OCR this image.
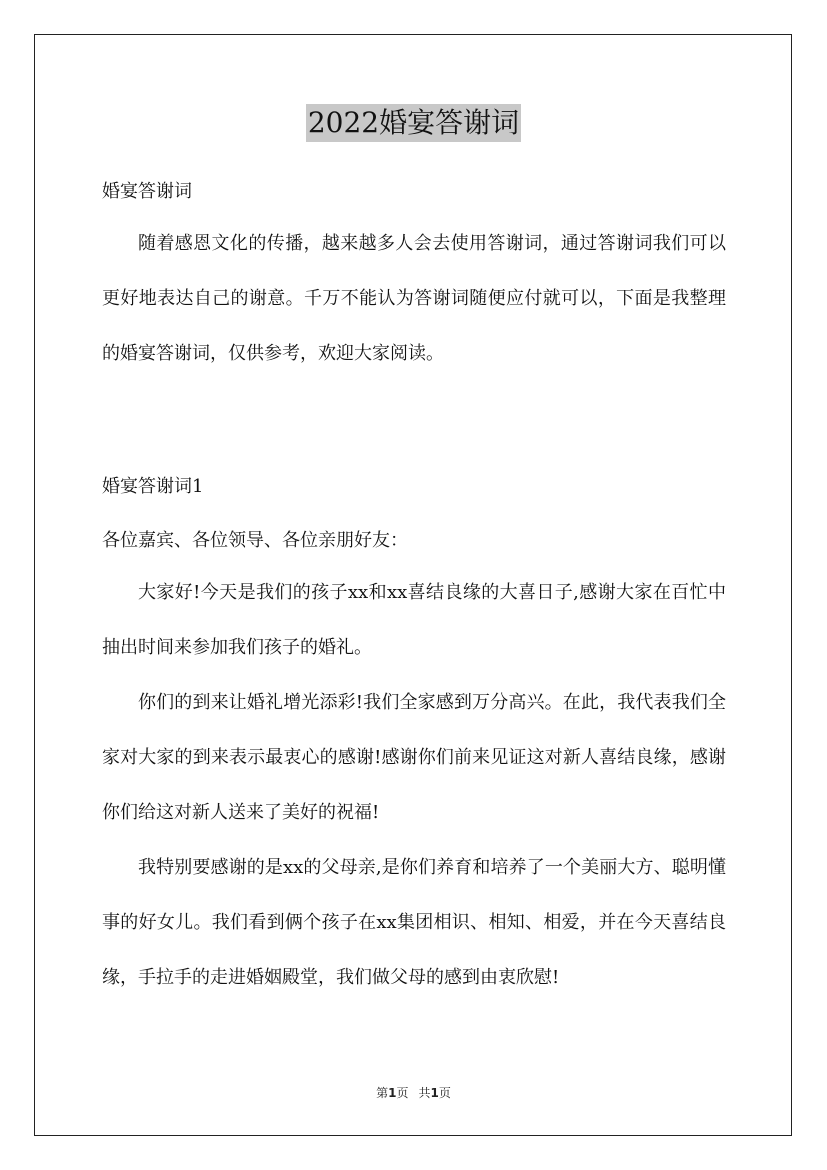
2022婚宴答谢词

婚宴答谢词

随着感恩文化的传播，越来越多人会去使用答谢词，通过答谢词我们可以更好地表达自己的谢意。千万不能认为答谢词随便应付就可以，下面是我整理的婚宴答谢词，仅供参考，欢迎大家阅读。

婚宴答谢词1

各位嘉宾、各位领导、各位亲朋好友：

大家好!今天是我们的孩子xx和xx喜结良缘的大喜日子,感谢大家在百忙中抽出时间来参加我们孩子的婚礼。

你们的到来让婚礼增光添彩!我们全家感到万分高兴。在此，我代表我们全家对大家的到来表示最衷心的感谢!感谢你们前来见证这对新人喜结良缘，感谢你们给这对新人送来了美好的祝福!

我特别要感谢的是xx的父母亲,是你们养育和培养了一个美丽大方、聪明懂事的好女儿。我们看到俩个孩子在xx集团相识、相知、相爱，并在今天喜结良缘，手拉手的走进婚姻殿堂，我们做父母的感到由衷欣慰!

第1页 共1页
